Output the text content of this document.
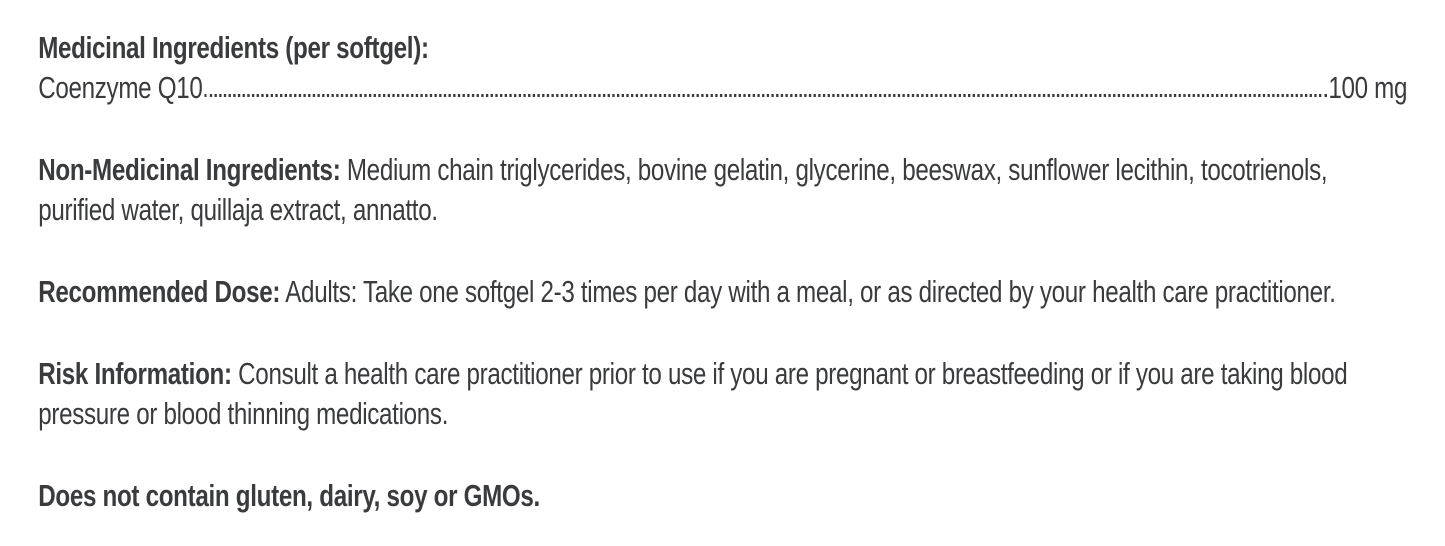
Medicinal Ingredients (per softgel):
Coenzyme Q10	100 mg

Non-Medicinal Ingredients: Medium chain triglycerides, bovine gelatin, glycerine, beeswax, sunflower lecithin, tocotrienols, purified water, quillaja extract, annatto.

Recommended Dose: Adults: Take one softgel 2-3 times per day with a meal, or as directed by your health care practitioner.

Risk Information: Consult a health care practitioner prior to use if you are pregnant or breastfeeding or if you are taking blood pressure or blood thinning medications.

Does not contain gluten, dairy, soy or GMOs.
